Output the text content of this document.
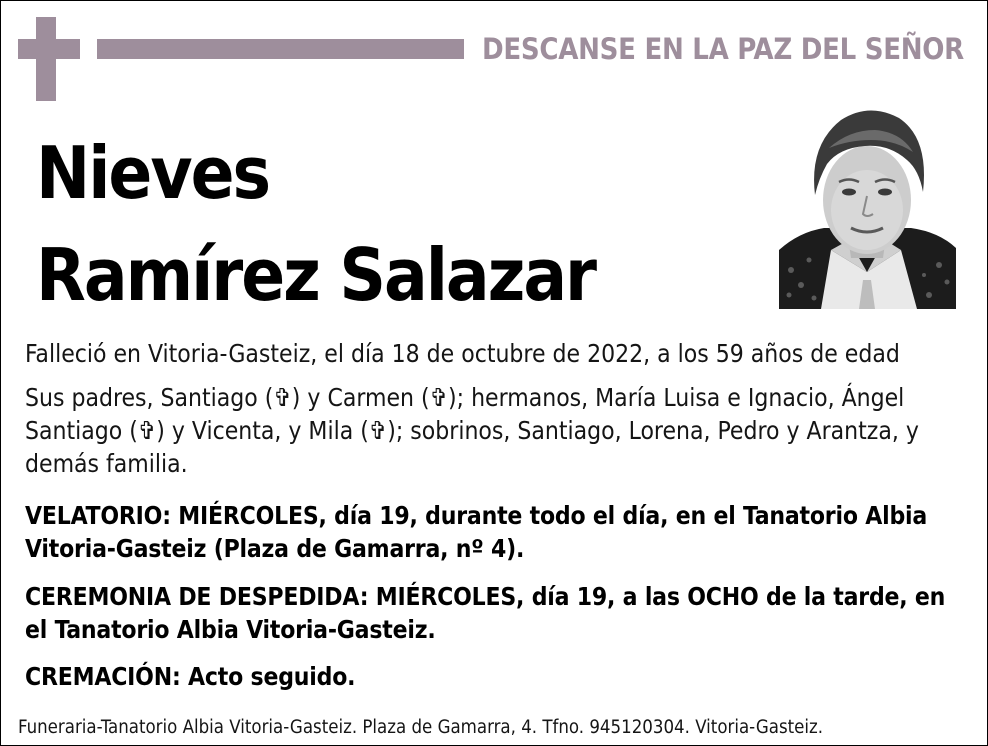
DESCANSE EN LA PAZ DEL SEÑOR
Nieves
Ramírez Salazar
Falleció en Vitoria-Gasteiz, el día 18 de octubre de 2022, a los 59 años de edad
Sus padres, Santiago (✞) y Carmen (✞); hermanos, María Luisa e Ignacio, Ángel Santiago (✞) y Vicenta, y Mila (✞); sobrinos, Santiago, Lorena, Pedro y Arantza, y demás familia.
VELATORIO: MIÉRCOLES, día 19, durante todo el día, en el Tanatorio Albia Vitoria-Gasteiz (Plaza de Gamarra, nº 4).
CEREMONIA DE DESPEDIDA: MIÉRCOLES, día 19, a las OCHO de la tarde, en el Tanatorio Albia Vitoria-Gasteiz.
CREMACIÓN: Acto seguido.
Funeraria-Tanatorio Albia Vitoria-Gasteiz. Plaza de Gamarra, 4. Tfno. 945120304. Vitoria-Gasteiz.
